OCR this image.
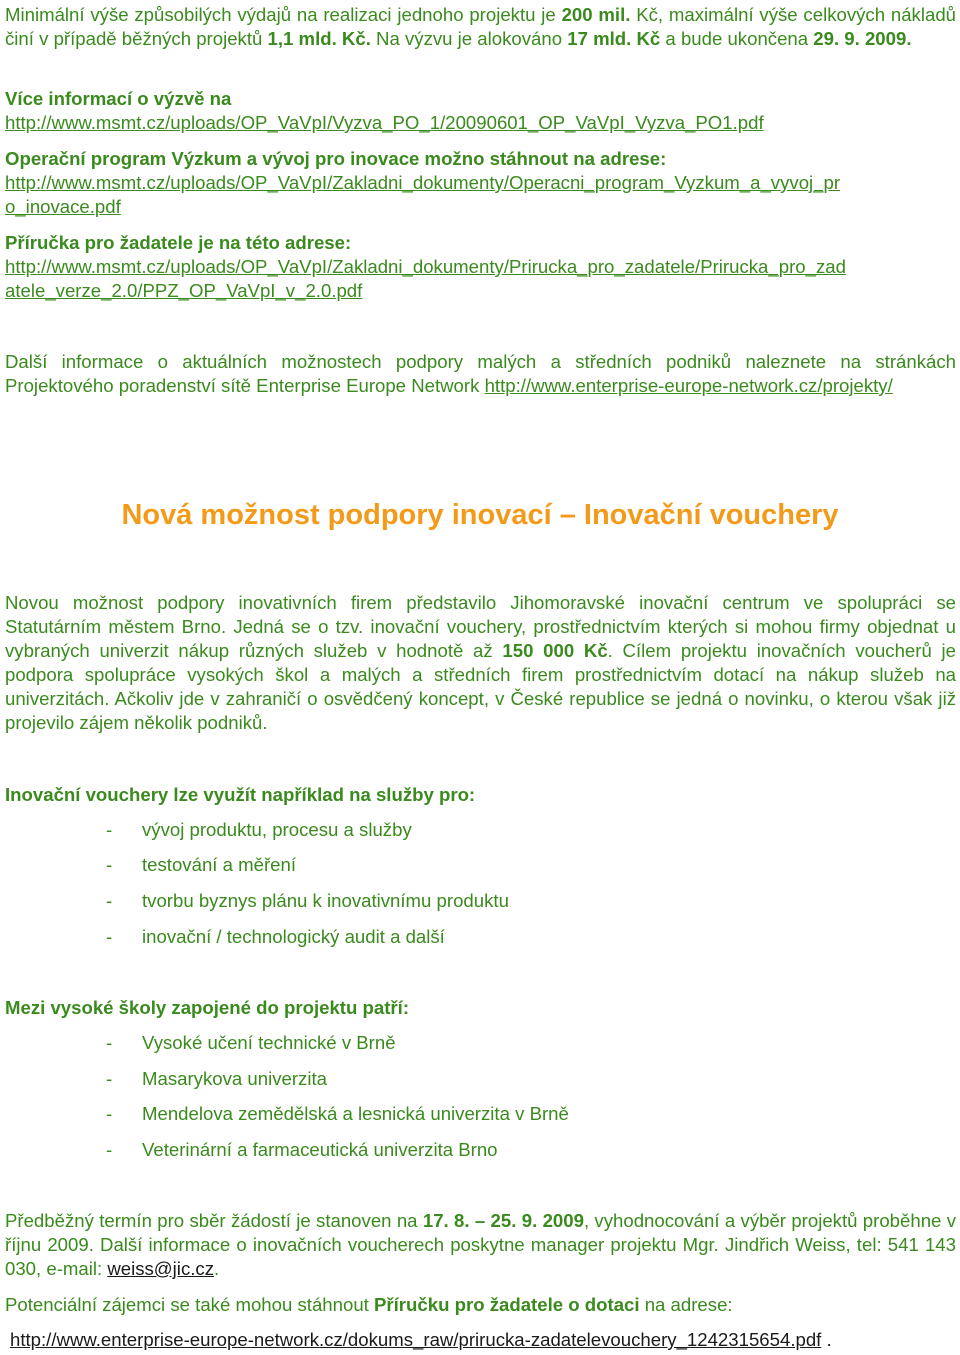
Minimální výše způsobilých výdajů na realizaci jednoho projektu je 200 mil. Kč, maximální výše celkových nákladů činí v případě běžných projektů 1,1 mld. Kč. Na výzvu je alokováno 17 mld. Kč a bude ukončena 29. 9. 2009.
Více informací o výzvě na
http://www.msmt.cz/uploads/OP_VaVpI/Vyzva_PO_1/20090601_OP_VaVpI_Vyzva_PO1.pdf
Operační program Výzkum a vývoj pro inovace možno stáhnout na adrese:
http://www.msmt.cz/uploads/OP_VaVpI/Zakladni_dokumenty/Operacni_program_Vyzkum_a_vyvoj_pr
o_inovace.pdf
Příručka pro žadatele je na této adrese:
http://www.msmt.cz/uploads/OP_VaVpI/Zakladni_dokumenty/Prirucka_pro_zadatele/Prirucka_pro_zad
atele_verze_2.0/PPZ_OP_VaVpI_v_2.0.pdf
Další informace o aktuálních možnostech podpory malých a středních podniků naleznete na stránkách Projektového poradenství sítě Enterprise Europe Network http://www.enterprise-europe-network.cz/projekty/
Nová možnost podpory inovací – Inovační vouchery
Novou možnost podpory inovativních firem představilo Jihomoravské inovační centrum ve spolupráci se Statutárním městem Brno. Jedná se o tzv. inovační vouchery, prostřednictvím kterých si mohou firmy objednat u vybraných univerzit nákup různých služeb v hodnotě až 150 000 Kč. Cílem projektu inovačních voucherů je podpora spolupráce vysokých škol a malých a středních firem prostřednictvím dotací na nákup služeb na univerzitách. Ačkoliv jde v zahraničí o osvědčený koncept, v České republice se jedná o novinku, o kterou však již projevilo zájem několik podniků.
Inovační vouchery lze využít například na služby pro:
- vývoj produktu, procesu a služby
- testování a měření
- tvorbu byznys plánu k inovativnímu produktu
- inovační / technologický audit a další
Mezi vysoké školy zapojené do projektu patří:
- Vysoké učení technické v Brně
- Masarykova univerzita
- Mendelova zemědělská a lesnická univerzita v Brně
- Veterinární a farmaceutická univerzita Brno
Předběžný termín pro sběr žádostí je stanoven na 17. 8. – 25. 9. 2009, vyhodnocování a výběr projektů proběhne v říjnu 2009. Další informace o inovačních voucherech poskytne manager projektu Mgr. Jindřich Weiss, tel: 541 143 030, e-mail: weiss@jic.cz.
Potenciální zájemci se také mohou stáhnout Příručku pro žadatele o dotaci na adrese:
http://www.enterprise-europe-network.cz/dokums_raw/prirucka-zadatelevouchery_1242315654.pdf .
